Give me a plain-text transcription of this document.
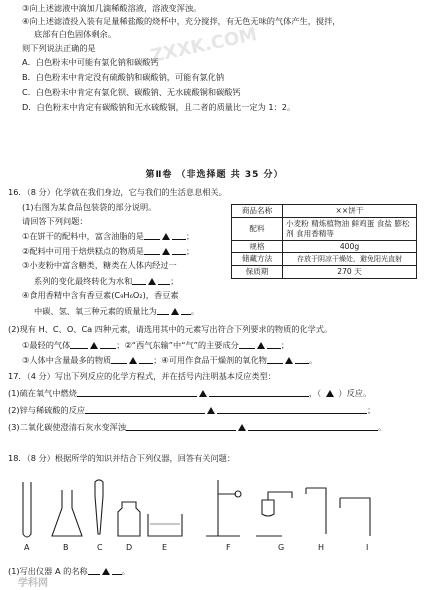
ZXXK.COM
③向上述滤液中滴加几滴稀酸溶液，溶液变浑浊。
④向上述滤渣投入装有足量稀盐酸的烧杯中，充分搅拌，有无色无味的气体产生，搅拌，
底部有白色固体剩余。
则下列说法正确的是
A．白色粉末中可能有氯化钠和碳酸钙
B．白色粉末中肯定没有硫酸钠和碳酸钠，可能有氯化钠
C．白色粉末中肯定有氯化钡、碳酸钠、无水硫酸铜和碳酸钙
D．白色粉末中肯定有碳酸钠和无水硫酸铜，且二者的质量比一定为 1：2。
第Ⅱ卷 （非选择题 共 35 分）
16．（8 分）化学就在我们身边，它与我们的生活息息相关。
(1)右图为某食品包装袋的部分说明。
请回答下列问题：
①在饼干的配料中，富含油脂的是	；
②配料中可用于焙烘糕点的物质是	；
③小麦粉中富含糖类，糖类在人体内经过一
系列的变化最终转化为水和	；
④食用香精中含有香豆素(C₉H₆O₂)，香豆素
中碳、氢、氧三种元素的质量比为	。
商品名称	××饼干
配料	小麦粉 精炼植物油 鲜鸡蛋 食盐 膨松剂 食用香精等
规格	400g
储藏方法	存放于阴凉干燥处，避免阳光直射
保质期	270 天
(2)现有 H、C、O、Ca 四种元素，请选用其中的元素写出符合下列要求的物质的化学式。
①最轻的气体	；②“西气东输”中“气”的主要成分	；
③人体中含量最多的物质	；④可用作食品干燥剂的氧化物	。
17．（4 分）写出下列反应的化学方程式，并在括号内注明基本反应类型：
(1)硫在氧气中燃烧	，（  ）反应。
(2)锌与稀硫酸的反应	；
(3)二氧化碳使澄清石灰水变浑浊	。
18．（8 分）根据所学的知识并结合下列仪器，回答有关问题：
A	B	C	D	E	F	G	H	I
(1)写出仪器 A 的名称	。
学科网
